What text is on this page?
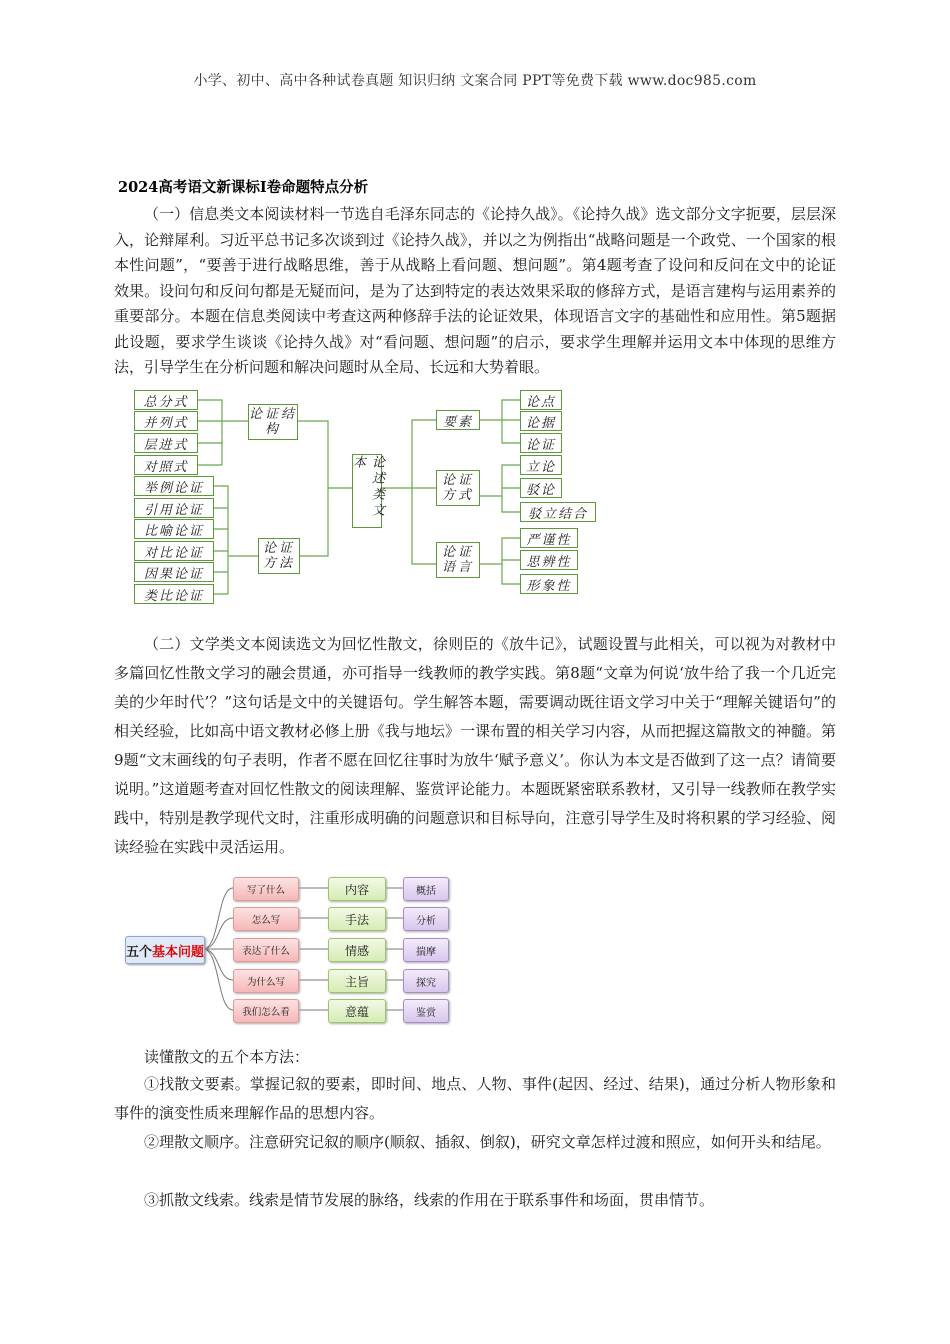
小学、初中、高中各种试卷真题 知识归纳 文案合同 PPT等免费下载 www.doc985.com
2024高考语文新课标Ⅰ卷命题特点分析

（一）信息类文本阅读材料一节选自毛泽东同志的《论持久战》。《论持久战》选文部分文字扼要，层层深入，论辩犀利。习近平总书记多次谈到过《论持久战》，并以之为例指出“战略问题是一个政党、一个国家的根本性问题”，“要善于进行战略思维，善于从战略上看问题、想问题”。第4题考查了设问和反问在文中的论证效果。设问句和反问句都是无疑而问，是为了达到特定的表达效果采取的修辞方式，是语言建构与运用素养的重要部分。本题在信息类阅读中考查这两种修辞手法的论证效果，体现语言文字的基础性和应用性。第5题据此设题，要求学生谈谈《论持久战》对“看问题、想问题”的启示，要求学生理解并运用文本中体现的思维方法，引导学生在分析问题和解决问题时从全局、长远和大势着眼。

总分式
并列式
层进式
对照式
举例论证
引用论证
比喻论证
对比论证
因果论证
类比论证
论证结构
论证方法
论述类文本
要素
论证方式
论证语言
论点
论据
论证
立论
驳论
驳立结合
严谨性
思辨性
形象性

（二）文学类文本阅读选文为回忆性散文，徐则臣的《放牛记》，试题设置与此相关，可以视为对教材中多篇回忆性散文学习的融会贯通，亦可指导一线教师的教学实践。第8题“文章为何说‘放牛给了我一个几近完美的少年时代’？”这句话是文中的关键语句。学生解答本题，需要调动既往语文学习中关于“理解关键语句”的相关经验，比如高中语文教材必修上册《我与地坛》一课布置的相关学习内容，从而把握这篇散文的神髓。第9题“文末画线的句子表明，作者不愿在回忆往事时为放牛‘赋予意义’。你认为本文是否做到了这一点？请简要说明。”这道题考查对回忆性散文的阅读理解、鉴赏评论能力。本题既紧密联系教材，又引导一线教师在教学实践中，特别是教学现代文时，注重形成明确的问题意识和目标导向，注意引导学生及时将积累的学习经验、阅读经验在实践中灵活运用。

五个 基本问题
写了什么
怎么写
表达了什么
为什么写
我们怎么看
内容
手法
情感
主旨
意蕴
概括
分析
揣摩
探究
鉴赏

读懂散文的五个本方法：

①找散文要素。掌握记叙的要素，即时间、地点、人物、事件(起因、经过、结果)，通过分析人物形象和事件的演变性质来理解作品的思想内容。

②理散文顺序。注意研究记叙的顺序(顺叙、插叙、倒叙)，研究文章怎样过渡和照应，如何开头和结尾。

③抓散文线索。线索是情节发展的脉络，线索的作用在于联系事件和场面，贯串情节。
